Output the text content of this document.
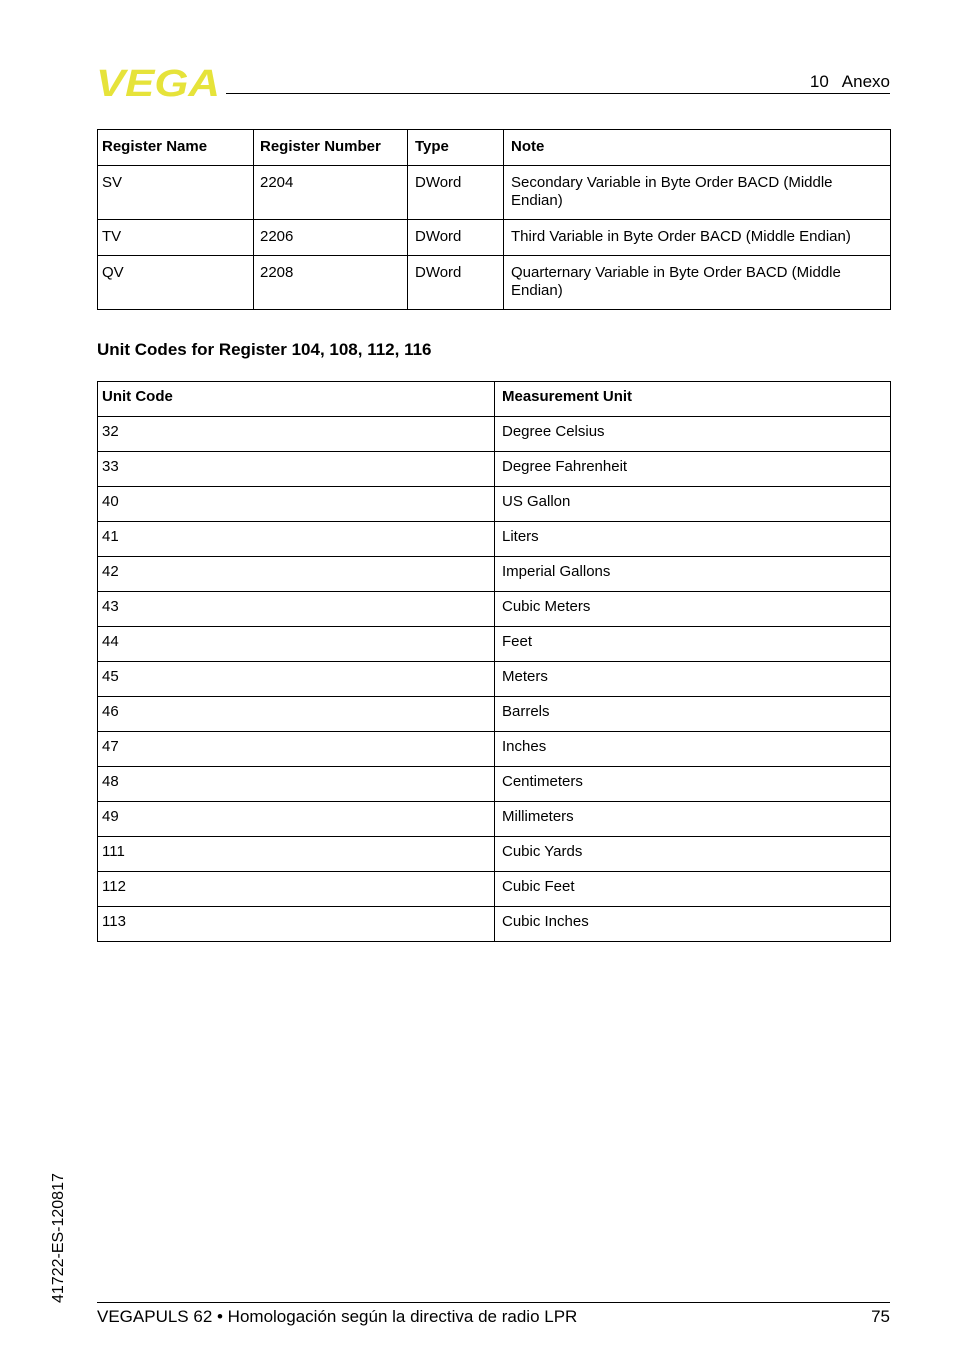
VEGA	10 Anexo
Register Name	Register Number	Type	Note
SV	2204	DWord	Secondary Variable in Byte Order BACD (Middle Endian)
TV	2206	DWord	Third Variable in Byte Order BACD (Middle Endian)
QV	2208	DWord	Quarternary Variable in Byte Order BACD (Middle Endian)
Unit Codes for Register 104, 108, 112, 116
Unit Code	Measurement Unit
32	Degree Celsius
33	Degree Fahrenheit
40	US Gallon
41	Liters
42	Imperial Gallons
43	Cubic Meters
44	Feet
45	Meters
46	Barrels
47	Inches
48	Centimeters
49	Millimeters
111	Cubic Yards
112	Cubic Feet
113	Cubic Inches
41722-ES-120817
VEGAPULS 62 • Homologación según la directiva de radio LPR	75
